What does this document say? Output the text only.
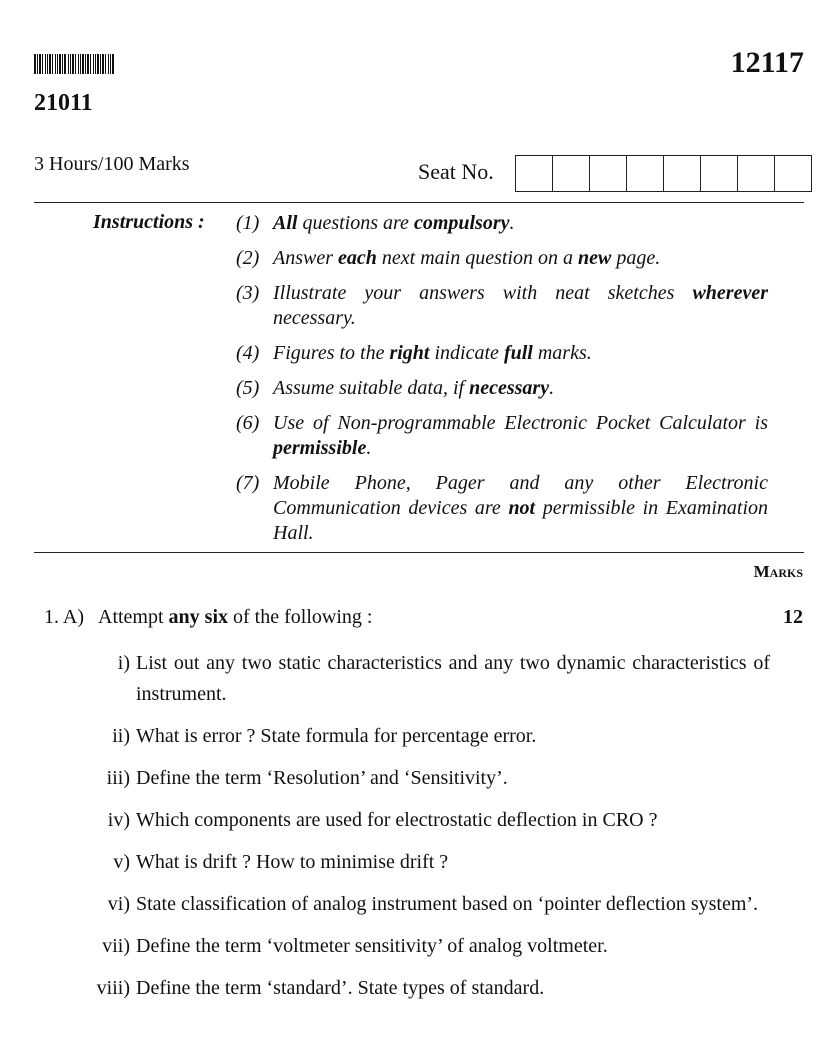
21011
12117
3 Hours/100 Marks	Seat No.
Instructions : (1) All questions are compulsory.
(2) Answer each next main question on a new page.
(3) Illustrate your answers with neat sketches wherever necessary.
(4) Figures to the right indicate full marks.
(5) Assume suitable data, if necessary.
(6) Use of Non-programmable Electronic Pocket Calculator is permissible.
(7) Mobile Phone, Pager and any other Electronic Communication devices are not permissible in Examination Hall.
Marks
1. A) Attempt any six of the following :	12
i) List out any two static characteristics and any two dynamic characteristics of instrument.
ii) What is error ? State formula for percentage error.
iii) Define the term ‘Resolution’ and ‘Sensitivity’.
iv) Which components are used for electrostatic deflection in CRO ?
v) What is drift ? How to minimise drift ?
vi) State classification of analog instrument based on ‘pointer deflection system’.
vii) Define the term ‘voltmeter sensitivity’ of analog voltmeter.
viii) Define the term ‘standard’. State types of standard.
